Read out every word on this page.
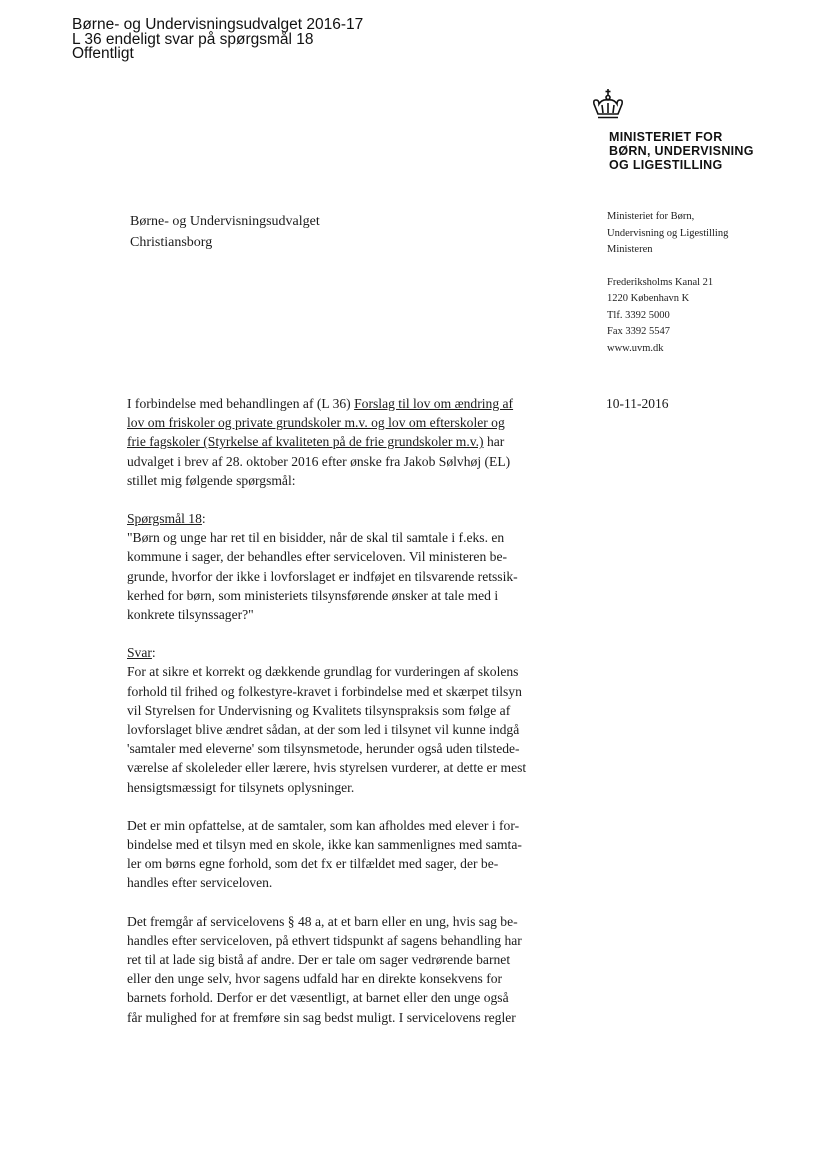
Børne- og Undervisningsudvalget 2016-17
L 36 endeligt svar på spørgsmål 18
Offentligt
MINISTERIET FOR
BØRN, UNDERVISNING
OG LIGESTILLING
Børne- og Undervisningsudvalget
Christiansborg
Ministeriet for Børn,
Undervisning og Ligestilling
Ministeren
Frederiksholms Kanal 21
1220 København K
Tlf. 3392 5000
Fax 3392 5547
www.uvm.dk
10-11-2016

I forbindelse med behandlingen af (L 36) Forslag til lov om ændring af
lov om friskoler og private grundskoler m.v. og lov om efterskoler og
frie fagskoler (Styrkelse af kvaliteten på de frie grundskoler m.v.) har
udvalget i brev af 28. oktober 2016 efter ønske fra Jakob Sølvhøj (EL)
stillet mig følgende spørgsmål:

Spørgsmål 18:
"Børn og unge har ret til en bisidder, når de skal til samtale i f.eks. en
kommune i sager, der behandles efter serviceloven. Vil ministeren be-
grunde, hvorfor der ikke i lovforslaget er indføjet en tilsvarende retssik-
kerhed for børn, som ministeriets tilsynsførende ønsker at tale med i
konkrete tilsynssager?"

Svar:
For at sikre et korrekt og dækkende grundlag for vurderingen af skolens
forhold til frihed og folkestyre-kravet i forbindelse med et skærpet tilsyn
vil Styrelsen for Undervisning og Kvalitets tilsynspraksis som følge af
lovforslaget blive ændret sådan, at der som led i tilsynet vil kunne indgå
'samtaler med eleverne' som tilsynsmetode, herunder også uden tilstede-
værelse af skoleleder eller lærere, hvis styrelsen vurderer, at dette er mest
hensigtsmæssigt for tilsynets oplysninger.

Det er min opfattelse, at de samtaler, som kan afholdes med elever i for-
bindelse med et tilsyn med en skole, ikke kan sammenlignes med samta-
ler om børns egne forhold, som det fx er tilfældet med sager, der be-
handles efter serviceloven.

Det fremgår af servicelovens § 48 a, at et barn eller en ung, hvis sag be-
handles efter serviceloven, på ethvert tidspunkt af sagens behandling har
ret til at lade sig bistå af andre. Der er tale om sager vedrørende barnet
eller den unge selv, hvor sagens udfald har en direkte konsekvens for
barnets forhold. Derfor er det væsentligt, at barnet eller den unge også
får mulighed for at fremføre sin sag bedst muligt. I servicelovens regler
